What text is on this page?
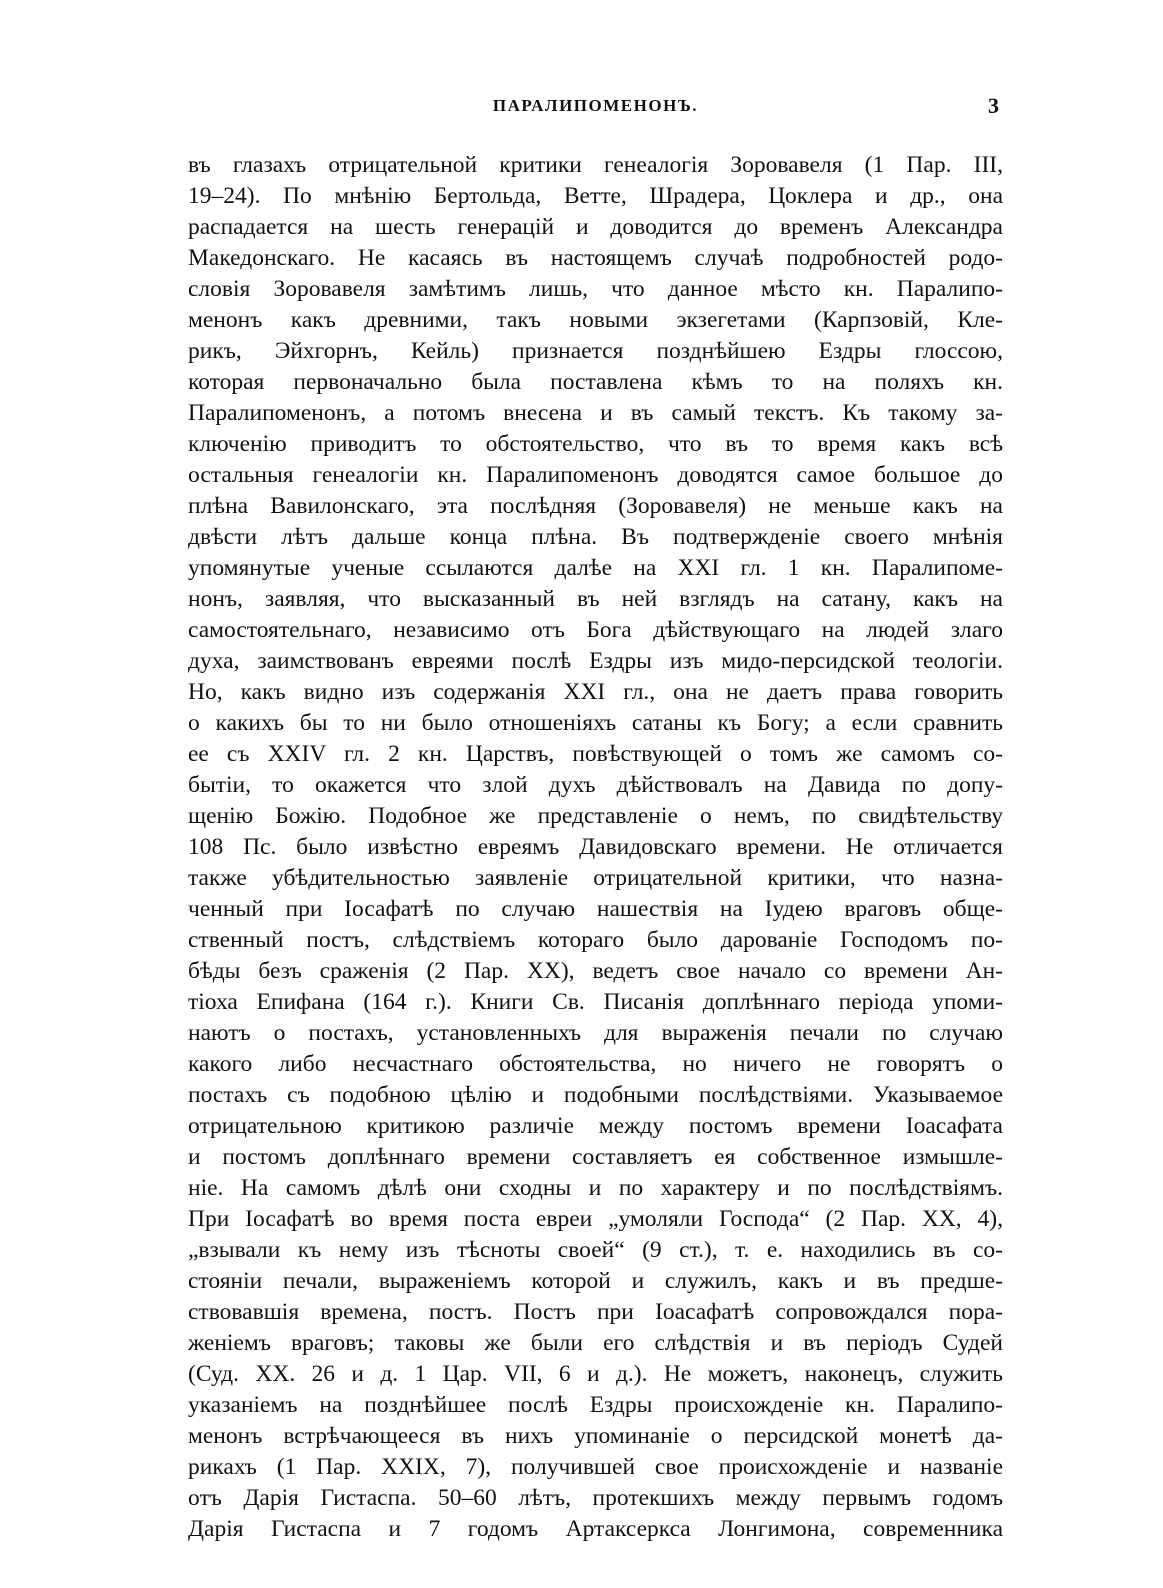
ПАРАЛИПОМЕНОНЪ.	3
въ глазахъ отрицательной критики генеалогія Зоровавеля (1 Пар. III,
19–24). По мнѣнію Бертольда, Ветте, Шрадера, Цоклера и др., она
распадается на шесть генерацій и доводится до временъ Александра
Македонскаго. Не касаясь въ настоящемъ случаѣ подробностей родо-
словія Зоровавеля замѣтимъ лишь, что данное мѣсто кн. Паралипо-
менонъ какъ древними, такъ новыми экзегетами (Карпзовій, Кле-
рикъ, Эйхгорнъ, Кейль) признается позднѣйшею Ездры глоссою,
которая первоначально была поставлена кѣмъ то на поляхъ кн.
Паралипоменонъ, а потомъ внесена и въ самый текстъ. Къ такому за-
ключенію приводитъ то обстоятельство, что въ то время какъ всѣ
остальныя генеалогіи кн. Паралипоменонъ доводятся самое большое до
плѣна Вавилонскаго, эта послѣдняя (Зоровавеля) не меньше какъ на
двѣсти лѣтъ дальше конца плѣна. Въ подтвержденіе своего мнѣнія
упомянутые ученые ссылаются далѣе на XXI гл. 1 кн. Паралипоме-
нонъ, заявляя, что высказанный въ ней взглядъ на сатану, какъ на
самостоятельнаго, независимо отъ Бога дѣйствующаго на людей злаго
духа, заимствованъ евреями послѣ Ездры изъ мидо-персидской теологіи.
Но, какъ видно изъ содержанія XXI гл., она не даетъ права говорить
о какихъ бы то ни было отношеніяхъ сатаны къ Богу; а если сравнить
ее съ XXIV гл. 2 кн. Царствъ, повѣствующей о томъ же самомъ со-
бытіи, то окажется что злой духъ дѣйствовалъ на Давида по допу-
щенію Божію. Подобное же представленіе о немъ, по свидѣтельству
108 Пс. было извѣстно евреямъ Давидовскаго времени. Не отличается
также убѣдительностью заявленіе отрицательной критики, что назна-
ченный при Іосафатѣ по случаю нашествія на Іудею враговъ обще-
ственный постъ, слѣдствіемъ котораго было дарованіе Господомъ по-
бѣды безъ сраженія (2 Пар. XX), ведетъ свое начало со времени Ан-
тіоха Епифана (164 г.). Книги Св. Писанія доплѣннаго періода упоми-
наютъ о постахъ, установленныхъ для выраженія печали по случаю
какого либо несчастнаго обстоятельства, но ничего не говорятъ о
постахъ съ подобною цѣлію и подобными послѣдствіями. Указываемое
отрицательною критикою различіе между постомъ времени Іоасафата
и постомъ доплѣннаго времени составляетъ ея собственное измышле-
ніе. На самомъ дѣлѣ они сходны и по характеру и по послѣдствіямъ.
При Іосафатѣ во время поста евреи „умоляли Господа“ (2 Пар. XX, 4),
„взывали къ нему изъ тѣсноты своей“ (9 ст.), т. е. находились въ со-
стояніи печали, выраженіемъ которой и служилъ, какъ и въ предше-
ствовавшія времена, постъ. Постъ при Іоасафатѣ сопровождался пора-
женіемъ враговъ; таковы же были его слѣдствія и въ періодъ Судей
(Суд. XX. 26 и д. 1 Цар. VII, 6 и д.). Не можетъ, наконецъ, служить
указаніемъ на позднѣйшее послѣ Ездры происхожденіе кн. Паралипо-
менонъ встрѣчающееся въ нихъ упоминаніе о персидской монетѣ да-
рикахъ (1 Пар. XXIX, 7), получившей свое происхожденіе и названіе
отъ Дарія Гистаспа. 50–60 лѣтъ, протекшихъ между первымъ годомъ
Дарія Гистаспа и 7 годомъ Артаксеркса Лонгимона, современника
